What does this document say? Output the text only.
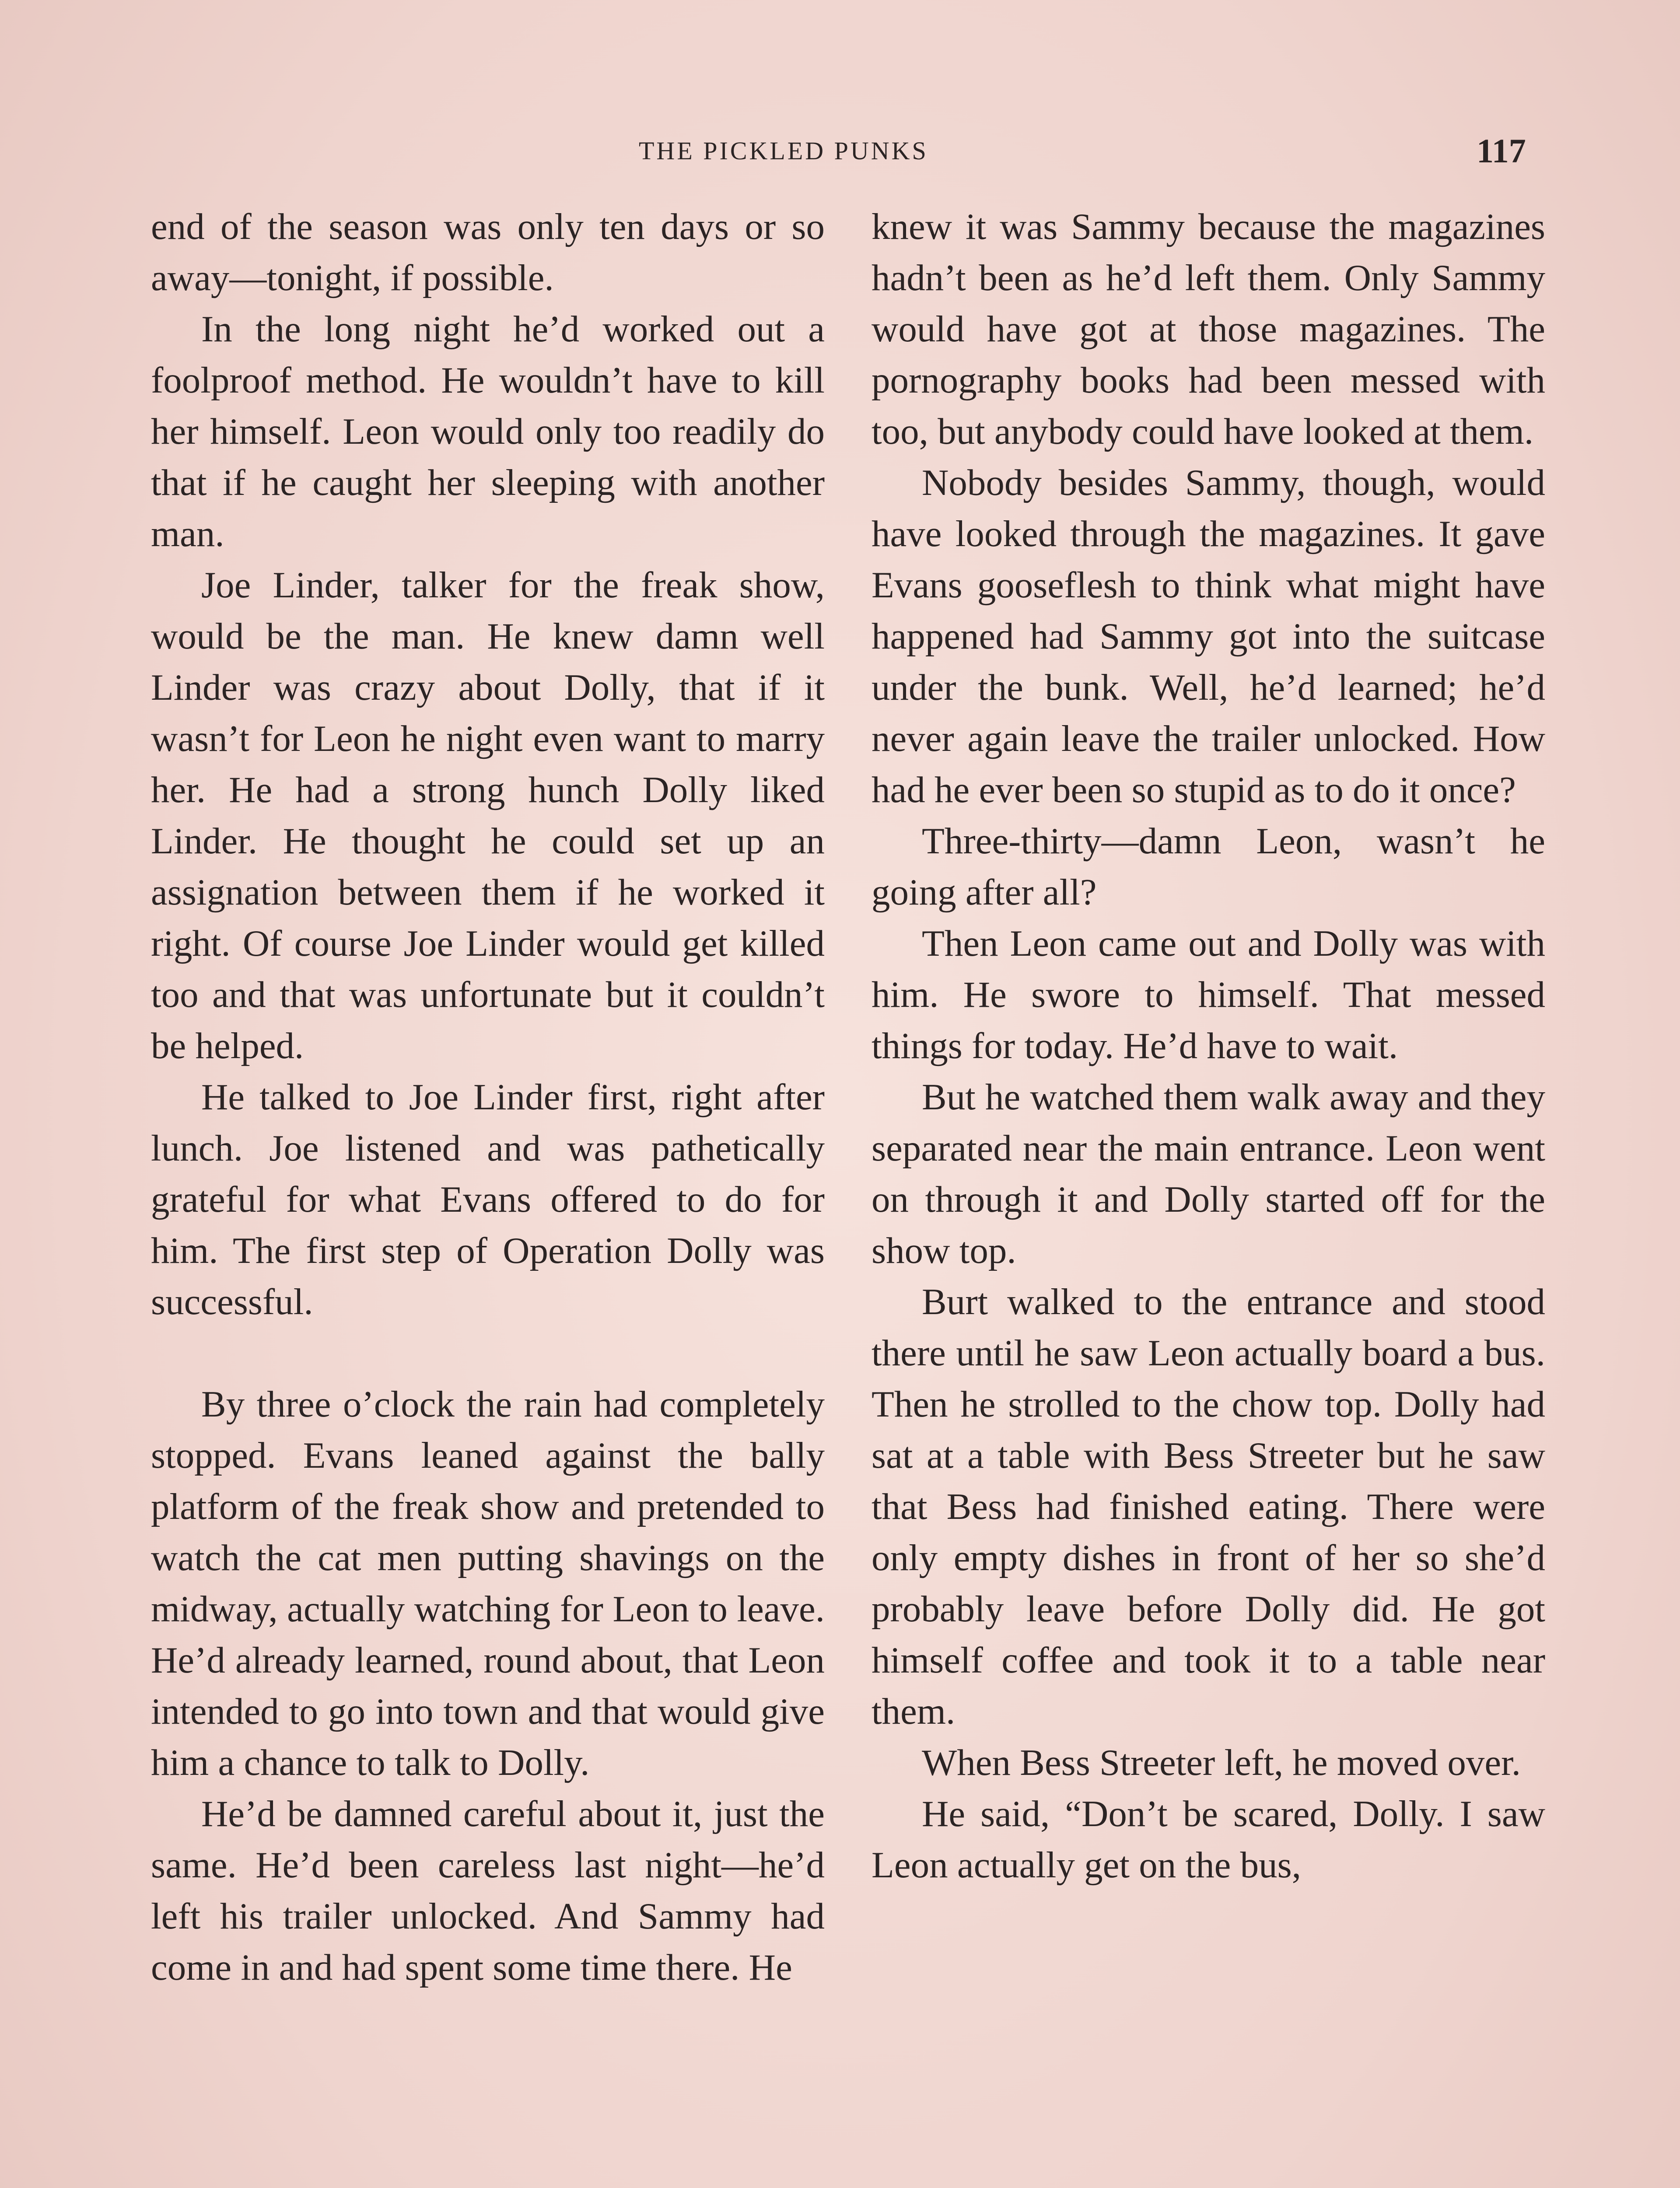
THE PICKLED PUNKS	117

end of the season was only ten days or so away—tonight, if possible.

In the long night he’d worked out a foolproof method. He wouldn’t have to kill her himself. Leon would only too readily do that if he caught her sleeping with another man.

Joe Linder, talker for the freak show, would be the man. He knew damn well Linder was crazy about Dolly, that if it wasn’t for Leon he night even want to marry her. He had a strong hunch Dolly liked Linder. He thought he could set up an assignation between them if he worked it right. Of course Joe Linder would get killed too and that was unfortunate but it couldn’t be helped.

He talked to Joe Linder first, right after lunch. Joe listened and was pathetically grateful for what Evans offered to do for him. The first step of Operation Dolly was successful.

By three o’clock the rain had completely stopped. Evans leaned against the bally platform of the freak show and pretended to watch the cat men putting shavings on the midway, actually watching for Leon to leave. He’d already learned, round about, that Leon intended to go into town and that would give him a chance to talk to Dolly.

He’d be damned careful about it, just the same. He’d been careless last night—he’d left his trailer unlocked. And Sammy had come in and had spent some time there. He

knew it was Sammy because the magazines hadn’t been as he’d left them. Only Sammy would have got at those magazines. The pornography books had been messed with too, but anybody could have looked at them.

Nobody besides Sammy, though, would have looked through the magazines. It gave Evans gooseflesh to think what might have happened had Sammy got into the suitcase under the bunk. Well, he’d learned; he’d never again leave the trailer unlocked. How had he ever been so stupid as to do it once?

Three-thirty—damn Leon, wasn’t he going after all?

Then Leon came out and Dolly was with him. He swore to himself. That messed things for today. He’d have to wait.

But he watched them walk away and they separated near the main entrance. Leon went on through it and Dolly started off for the show top.

Burt walked to the entrance and stood there until he saw Leon actually board a bus. Then he strolled to the chow top. Dolly had sat at a table with Bess Streeter but he saw that Bess had finished eating. There were only empty dishes in front of her so she’d probably leave before Dolly did. He got himself coffee and took it to a table near them.

When Bess Streeter left, he moved over.

He said, “Don’t be scared, Dolly. I saw Leon actually get on the bus,
